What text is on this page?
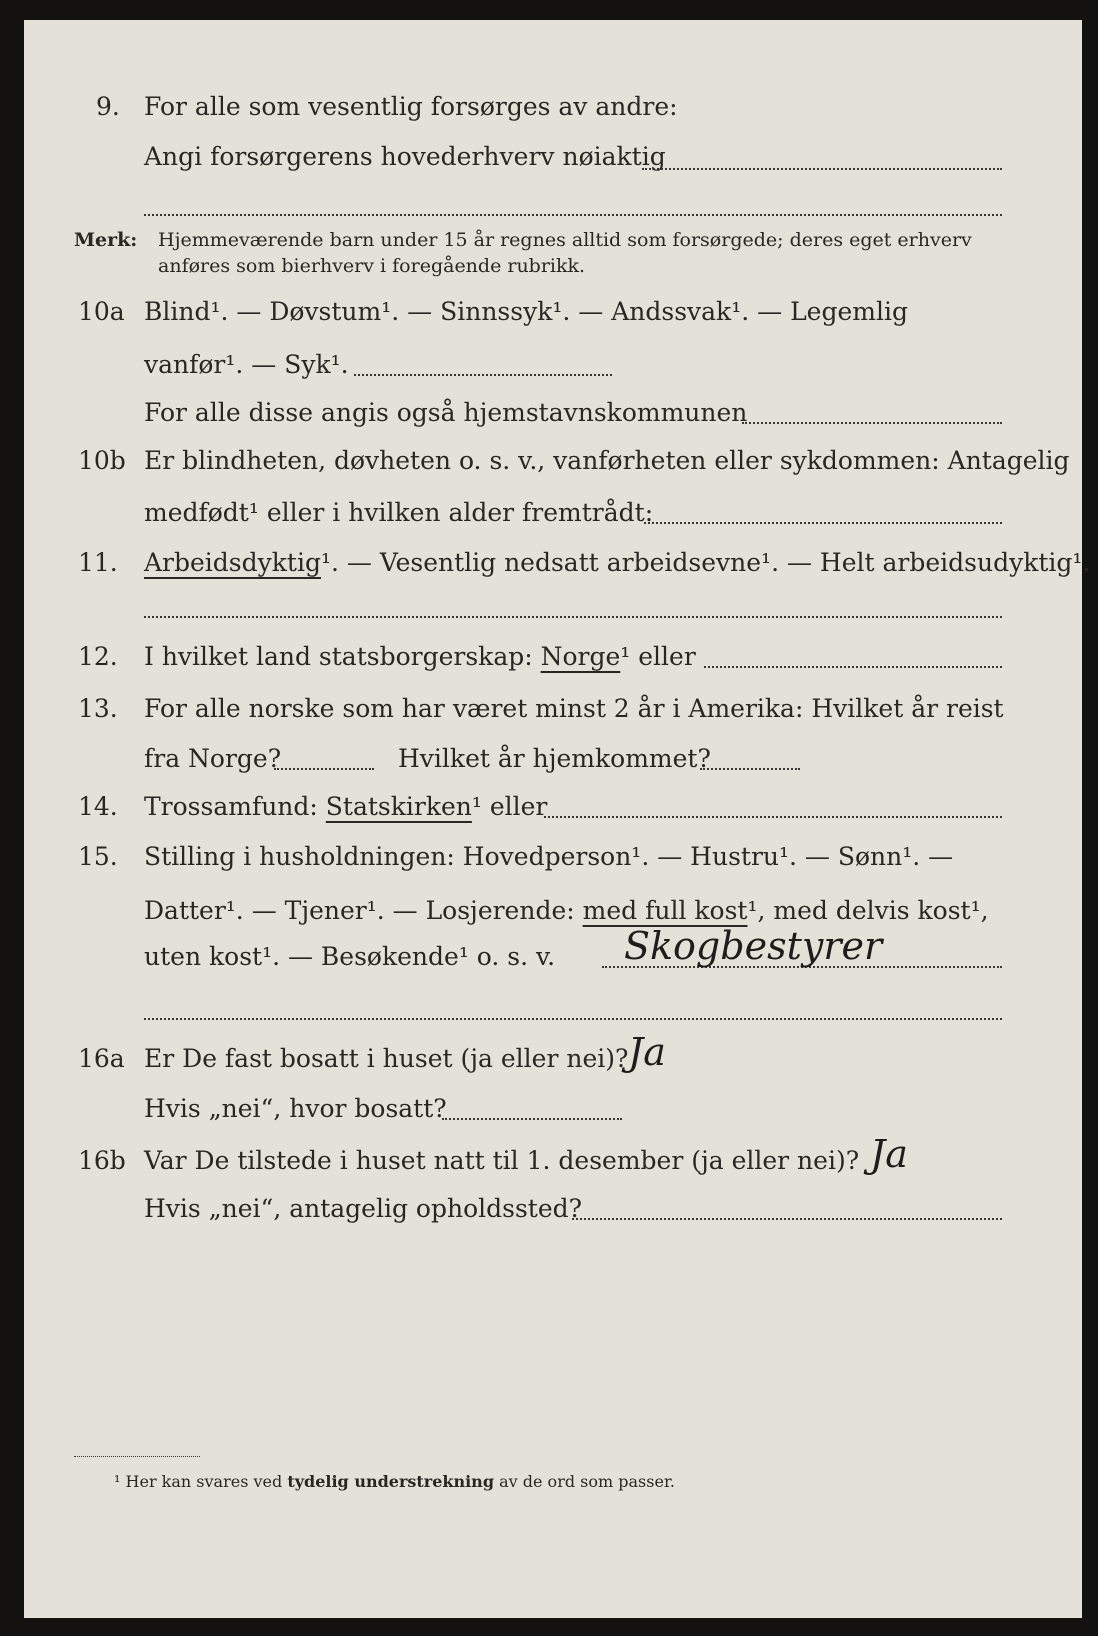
9. For alle som vesentlig forsørges av andre:
Angi forsørgerens hovederhverv nøiaktig
Merk: Hjemmeværende barn under 15 år regnes alltid som forsørgede; deres eget erhverv
anføres som bierhverv i foregående rubrikk.
10a Blind¹. — Døvstum¹. — Sinnssyk¹. — Andssvak¹. — Legemlig
vanfør¹. — Syk¹.
For alle disse angis også hjemstavnskommunen
10b Er blindheten, døvheten o. s. v., vanførheten eller sykdommen: Antagelig
medfødt¹ eller i hvilken alder fremtrådt:
11. Arbeidsdyktig¹. — Vesentlig nedsatt arbeidsevne¹. — Helt arbeidsudyktig¹.
12. I hvilket land statsborgerskap: Norge¹ eller
13. For alle norske som har været minst 2 år i Amerika: Hvilket år reist
fra Norge?	Hvilket år hjemkommet?
14. Trossamfund: Statskirken¹ eller
15. Stilling i husholdningen: Hovedperson¹. — Hustru¹. — Sønn¹. —
Datter¹. — Tjener¹. — Losjerende: med full kost¹, med delvis kost¹,
uten kost¹. — Besøkende¹ o. s. v. Skogbestyrer
16a Er De fast bosatt i huset (ja eller nei)? Ja
Hvis „nei“, hvor bosatt?
16b Var De tilstede i huset natt til 1. desember (ja eller nei)? Ja
Hvis „nei“, antagelig opholdssted?
¹ Her kan svares ved tydelig understrekning av de ord som passer.
